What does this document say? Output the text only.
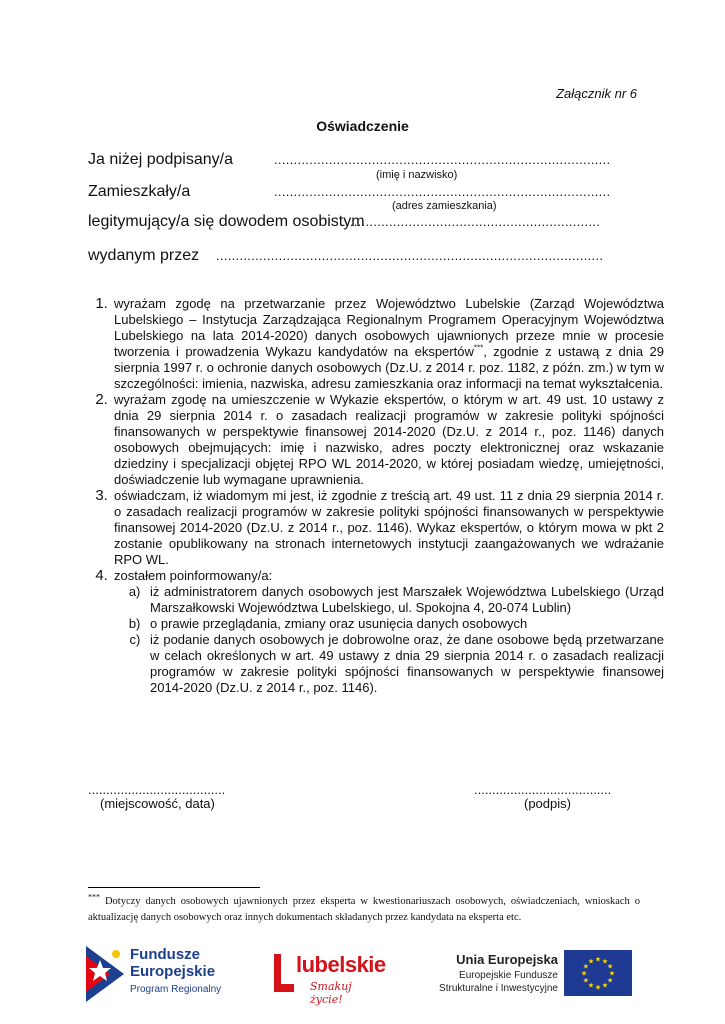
Załącznik nr 6
Oświadczenie
Ja niżej podpisany/a	......................................................................................
(imię i nazwisko)
Zamieszkały/a	......................................................................................
(adres zamieszkania)
legitymujący/a się dowodem osobistym
..................................................................
wydanym przez ...................................................................................................
1. wyrażam zgodę na przetwarzanie przez Województwo Lubelskie (Zarząd Województwa Lubelskiego – Instytucja Zarządzająca Regionalnym Programem Operacyjnym Województwa Lubelskiego na lata 2014-2020) danych osobowych ujawnionych przeze mnie w procesie tworzenia i prowadzenia Wykazu kandydatów na ekspertów***, zgodnie z ustawą z dnia 29 sierpnia 1997 r. o ochronie danych osobowych (Dz.U. z 2014 r. poz. 1182, z późn. zm.) w tym w szczególności: imienia, nazwiska, adresu zamieszkania oraz informacji na temat wykształcenia.
2. wyrażam zgodę na umieszczenie w Wykazie ekspertów, o którym w art. 49 ust. 10 ustawy z dnia 29 sierpnia 2014 r. o zasadach realizacji programów w zakresie polityki spójności finansowanych w perspektywie finansowej 2014-2020 (Dz.U. z 2014 r., poz. 1146) danych osobowych obejmujących: imię i nazwisko, adres poczty elektronicznej oraz wskazanie dziedziny i specjalizacji objętej RPO WL 2014-2020, w której posiadam wiedzę, umiejętności, doświadczenie lub wymagane uprawnienia.
3. oświadczam, iż wiadomym mi jest, iż zgodnie z treścią art. 49 ust. 11 z dnia 29 sierpnia 2014 r. o zasadach realizacji programów w zakresie polityki spójności finansowanych w perspektywie finansowej 2014-2020 (Dz.U. z 2014 r., poz. 1146). Wykaz ekspertów, o którym mowa w pkt 2 zostanie opublikowany na stronach internetowych instytucji zaangażowanych we wdrażanie RPO WL.
4. zostałem poinformowany/a:
a. iż administratorem danych osobowych jest Marszałek Województwa Lubelskiego (Urząd Marszałkowski Województwa Lubelskiego, ul. Spokojna 4, 20-074 Lublin)
b. o prawie przeglądania, zmiany oraz usunięcia danych osobowych
c. iż podanie danych osobowych je dobrowolne oraz, że dane osobowe będą przetwarzane w celach określonych w art. 49 ustawy z dnia 29 sierpnia 2014 r. o zasadach realizacji programów w zakresie polityki spójności finansowanych w perspektywie finansowej 2014-2020 (Dz.U. z 2014 r., poz. 1146).
......................................
(miejscowość, data)
......................................
(podpis)
*** Dotyczy danych osobowych ujawnionych przez eksperta w kwestionariuszach osobowych, oświadczeniach, wnioskach o aktualizację danych osobowych oraz innych dokumentach składanych przez kandydata na eksperta etc.
Fundusze
Europejskie
Program Regionalny
lubelskie
Smakuj życie!
Unia Europejska
Europejskie Fundusze
Strukturalne i Inwestycyjne
★ ★
★
★
★
★
★
★
★
★
★
★
